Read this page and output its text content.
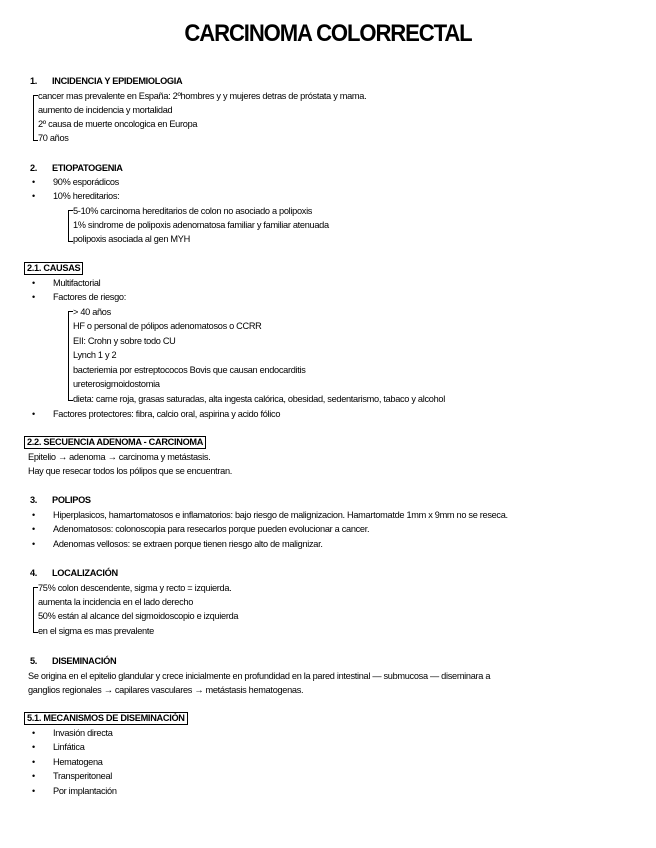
CARCINOMA COLORRECTAL
1. INCIDENCIA Y EPIDEMIOLOGIA
cancer mas prevalente en España: 2ºhombres y y mujeres detras de próstata y mama.
aumento de incidencia y mortalidad
2º causa de muerte oncologica en Europa
70 años
2. ETIOPATOGENIA
• 90% esporádicos
• 10% hereditarios:
5-10% carcinoma hereditarios de colon no asociado a polipoxis
1% sindrome de polipoxis adenomatosa familiar y familiar atenuada
polipoxis asociada al gen MYH
2.1. CAUSAS
• Multifactorial
• Factores de riesgo:
> 40 años
HF o personal de pólipos adenomatosos o CCRR
EII: Crohn y sobre todo CU
Lynch 1 y 2
bacteriemia por estreptococos Bovis que causan endocarditis
ureterosigmoidostomia
dieta: carne roja, grasas saturadas, alta ingesta calórica, obesidad, sedentarismo, tabaco y alcohol
• Factores protectores: fibra, calcio oral, aspirina y acido fólico
2.2. SECUENCIA ADENOMA - CARCINOMA
Epitelio → adenoma → carcinoma y metástasis.
Hay que resecar todos los pólipos que se encuentran.
3. POLIPOS
• Hiperplasicos, hamartomatosos e inflamatorios: bajo riesgo de malignizacion. Hamartomatde 1mm x 9mm no se reseca.
• Adenomatosos: colonoscopia para resecarlos porque pueden evolucionar a cancer.
• Adenomas vellosos: se extraen porque tienen riesgo alto de malignizar.
4. LOCALIZACIÓN
75% colon descendente, sigma y recto = izquierda.
aumenta la incidencia en el lado derecho
50% están al alcance del sigmoidoscopio e izquierda
en el sigma es mas prevalente
5. DISEMINACIÓN
Se origina en el epitelio glandular y crece inicialmente en profundidad en la pared intestinal — submucosa — diseminara a
ganglios regionales → capilares vasculares → metástasis hematogenas.
5.1. MECANISMOS DE DISEMINACIÓN
• Invasión directa
• Linfática
• Hematogena
• Transperitoneal
• Por implantación
